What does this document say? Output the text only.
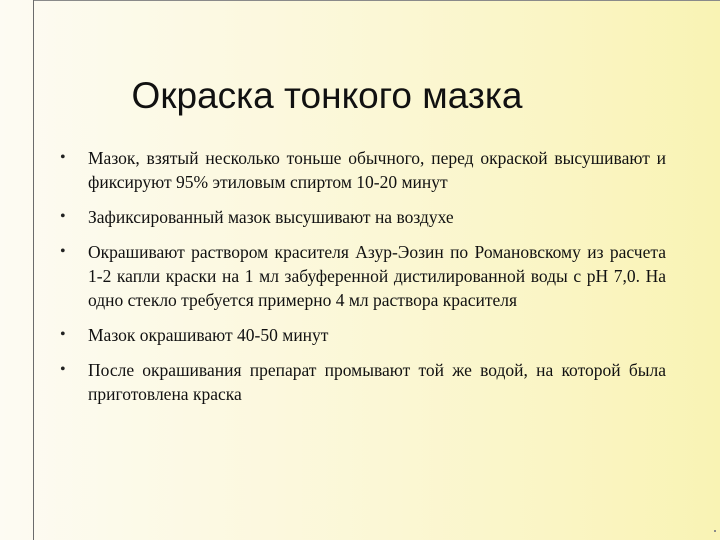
Окраска тонкого мазка
•	Мазок, взятый несколько тоньше обычного, перед окраской высушивают и фиксируют 95% этиловым спиртом 10-20 минут
•	Зафиксированный мазок высушивают на воздухе
•	Окрашивают раствором красителя Азур-Эозин по Романовскому из расчета 1-2 капли краски на 1 мл забуференной дистилированной воды с pH 7,0. На одно стекло требуется примерно 4 мл раствора красителя
•	Мазок окрашивают 40-50 минут
•	После окрашивания препарат промывают той же водой, на которой была приготовлена краска
